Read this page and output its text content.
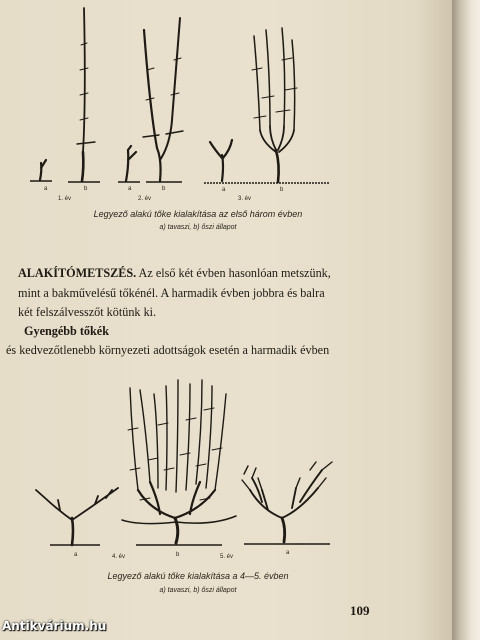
a	b	a	b	a	b
1. év	2. év	3. év
Legyező alakú tőke kialakítása az első három évben
a) tavaszi, b) őszi állapot
ALAKÍTÓMETSZÉS. Az első két évben hasonlóan metszünk,
mint a bakművelésű tőkénél. A harmadik évben jobbra és balra
két felszálvesszőt kötünk ki.
Gyengébb tőkék
és kedvezőtlenebb környezeti adottságok esetén a harmadik évben
a	b	a
4. év	5. év
Legyező alakú tőke kialakítása a 4—5. évben
a) tavaszi, b) őszi állapot
109
Antikvárium.hu
